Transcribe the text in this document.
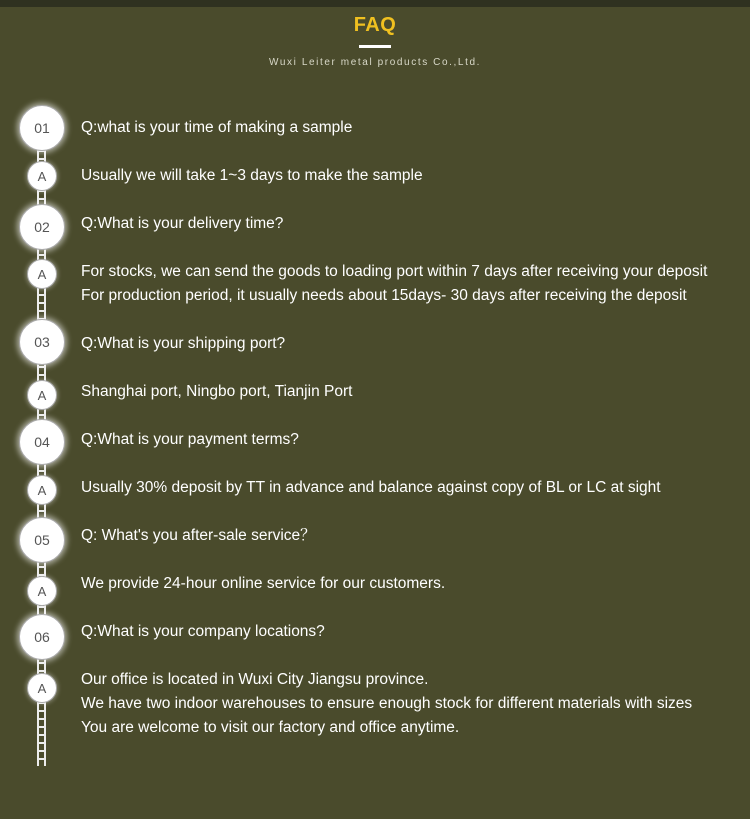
FAQ
Wuxi Leiter metal products Co.,Ltd.
01	Q:what is your time of making a sample
A	Usually we will take 1~3 days to make the sample
02	Q:What is your delivery time?
A	For stocks, we can send the goods to loading port within 7 days after receiving your deposit
For production period, it usually needs about 15days- 30 days after receiving the deposit
03	Q:What is your shipping port?
A	Shanghai port, Ningbo port, Tianjin Port
04	Q:What is your payment terms?
A	Usually 30% deposit by TT in advance and balance against copy of BL or LC at sight
05	Q: What's you after-sale service？
A	We provide 24-hour online service for our customers.
06	Q:What is your company locations?
A	Our office is located in Wuxi City Jiangsu province.
We have two indoor warehouses to ensure enough stock for different materials with sizes
You are welcome to visit our factory and office anytime.
